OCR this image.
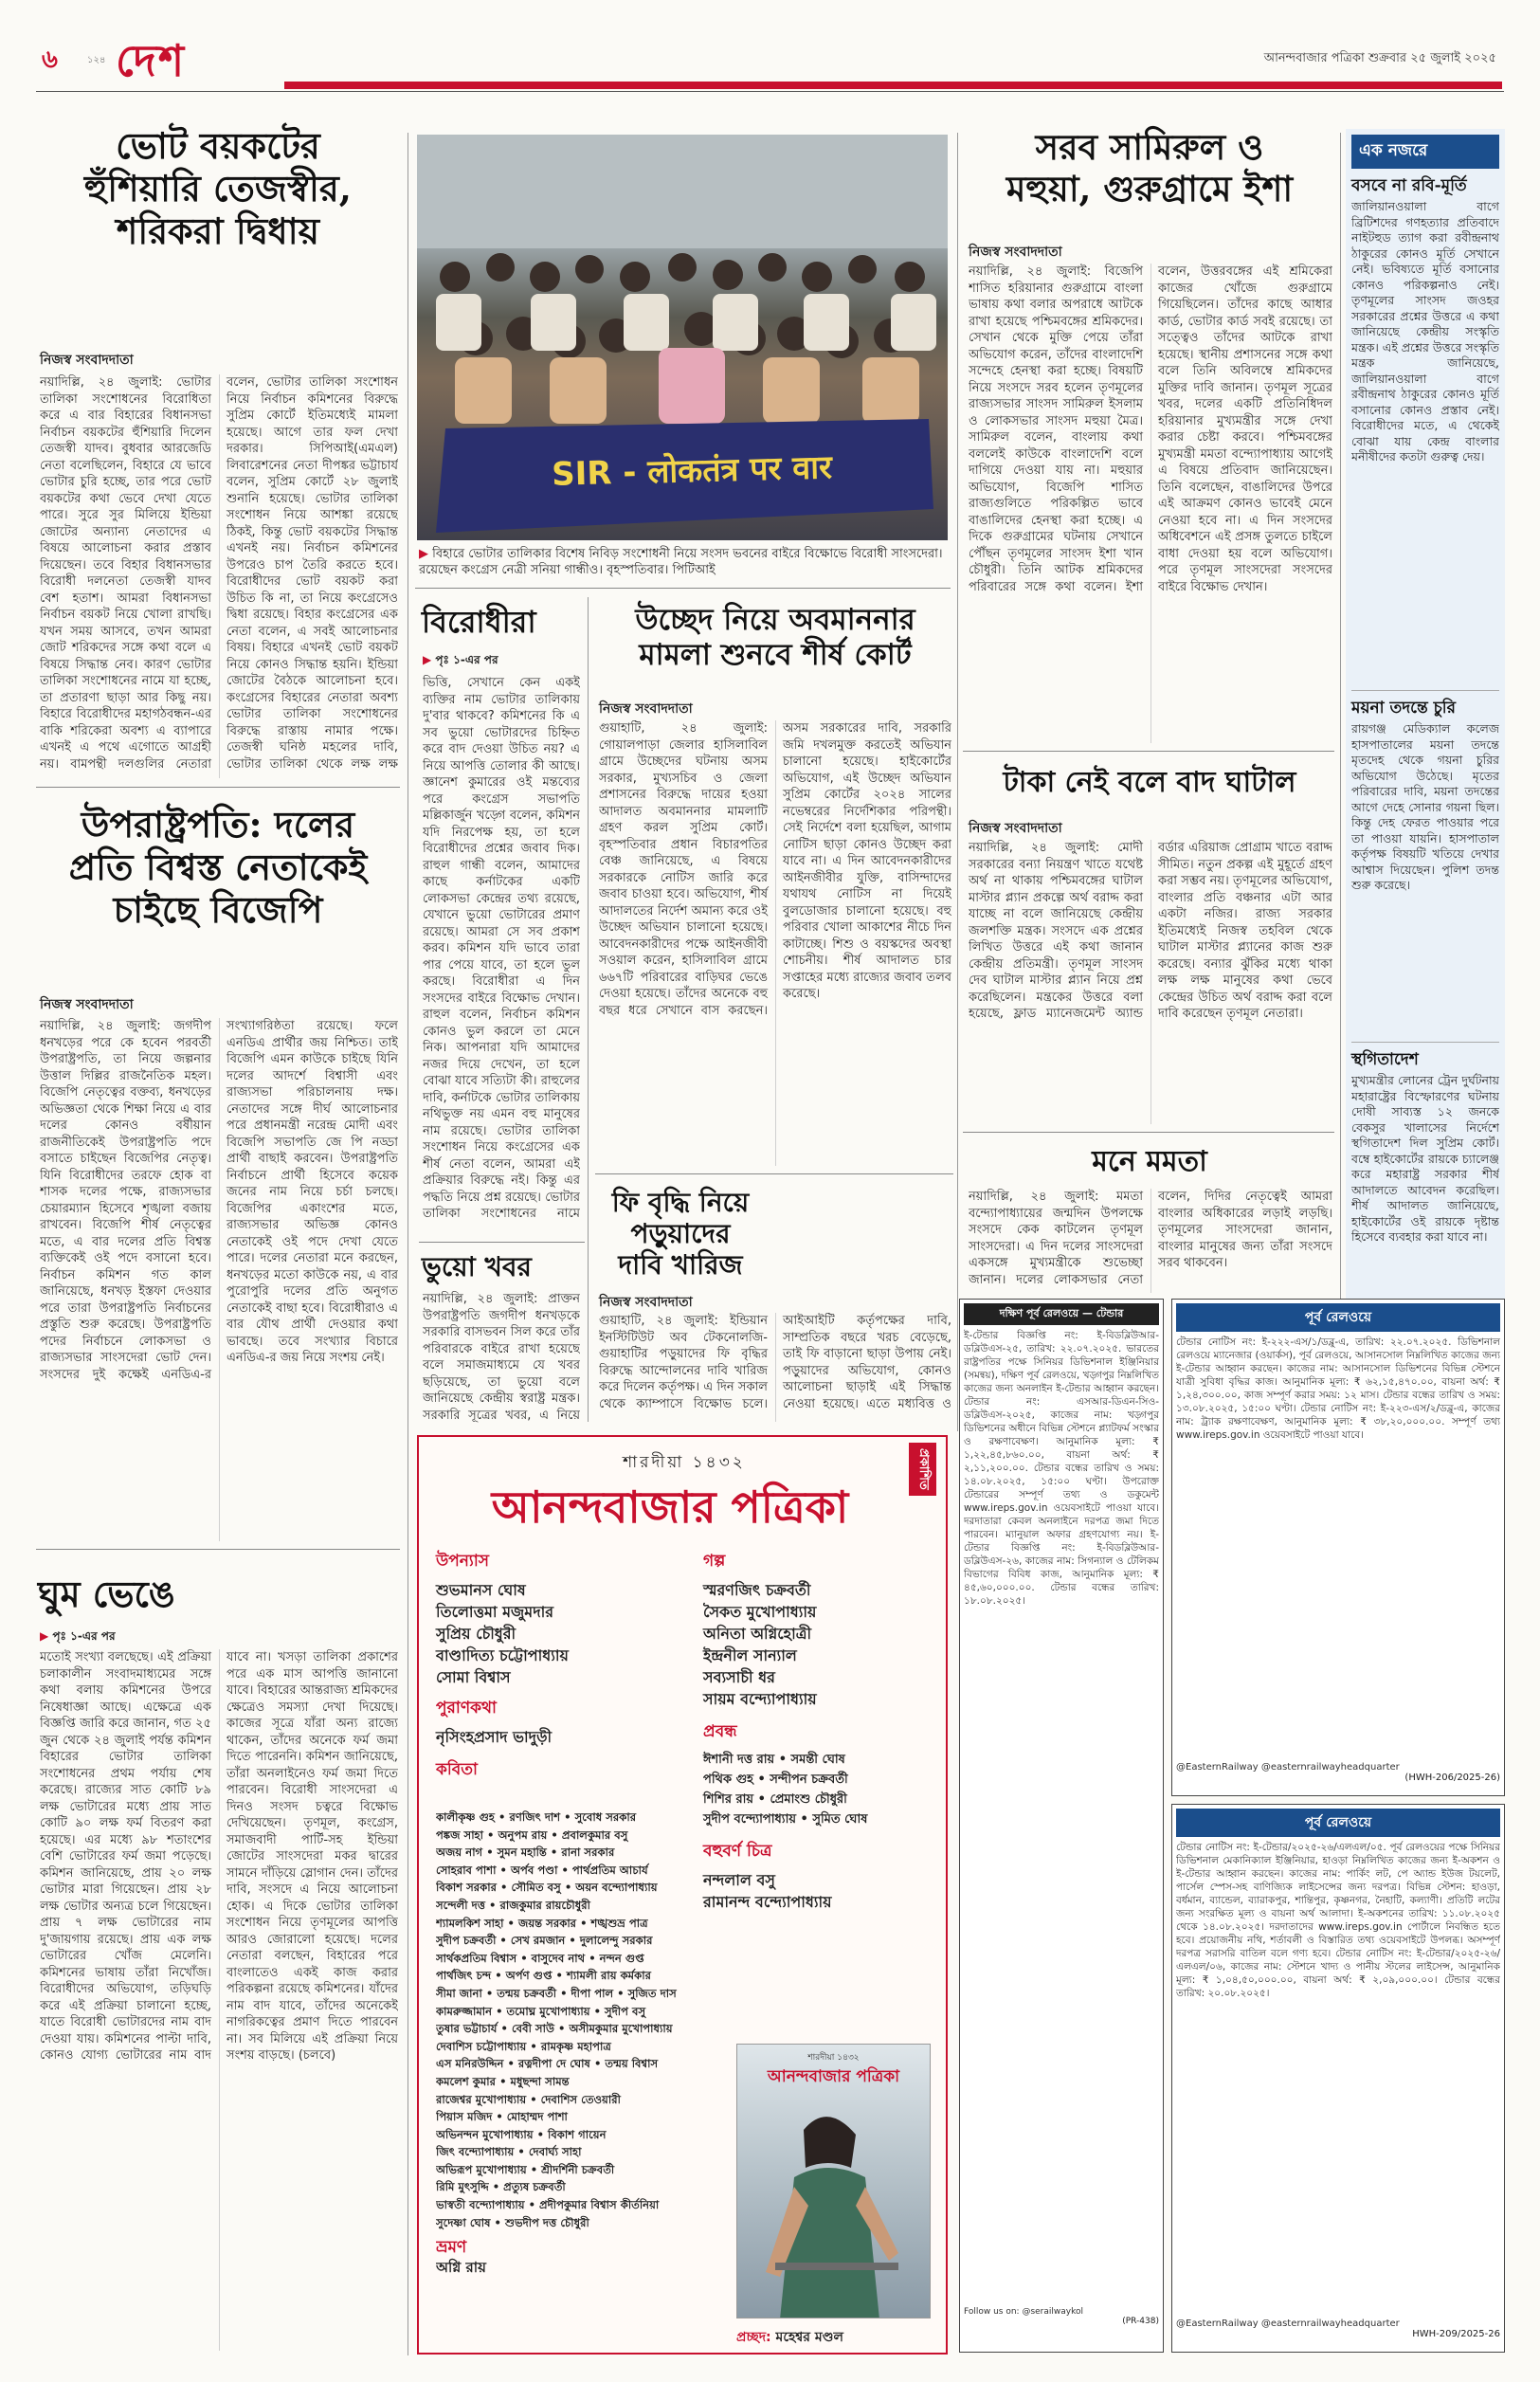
৬	১২৪ দেশ	আনন্দবাজার পত্রিকা শুক্রবার ২৫ জুলাই ২০২৫
ভোট বয়কটের
হুঁশিয়ারি তেজস্বীর,
শরিকরা দ্বিধায়
নিজস্ব সংবাদদাতা
নয়াদিল্লি, ২৪ জুলাই: ভোটার তালিকা সংশোধনের বিরোধিতা করে এ বার বিহারের বিধানসভা নির্বাচন বয়কটের হুঁশিয়ারি দিলেন তেজস্বী যাদব। বুধবার আরজেডি নেতা বলেছিলেন, বিহারে যে ভাবে ভোটার চুরি হচ্ছে, তার পরে ভোট বয়কটের কথা ভেবে দেখা যেতে পারে। সুরে সুর মিলিয়ে ইন্ডিয়া জোটের অন্যান্য নেতাদের এ বিষয়ে আলোচনা করার প্রস্তাব দিয়েছেন। তবে বিহার বিধানসভার বিরোধী দলনেতা তেজস্বী যাদব বেশ হতাশ। আমরা বিধানসভা নির্বাচন বয়কট নিয়ে খোলা রাখছি। যখন সময় আসবে, তখন আমরা জোট শরিকদের সঙ্গে কথা বলে এ বিষয়ে সিদ্ধান্ত নেব। কারণ ভোটার তালিকা সংশোধনের নামে যা হচ্ছে, তা প্রতারণা ছাড়া আর কিছু নয়। বিহারে বিরোধীদের মহাগঠবন্ধন-এর বাকি শরিকেরা অবশ্য এ ব্যাপারে এখনই এ পথে এগোতে আগ্রহী নয়। বামপন্থী দলগুলির নেতারা বলেন, ভোটার তালিকা সংশোধন নিয়ে নির্বাচন কমিশনের বিরুদ্ধে সুপ্রিম কোর্টে ইতিমধ্যেই মামলা হয়েছে। আগে তার ফল দেখা দরকার। সিপিআই(এমএল) লিবারেশনের নেতা দীপঙ্কর ভট্টাচার্য বলেন, সুপ্রিম কোর্টে ২৮ জুলাই শুনানি হয়েছে। ভোটার তালিকা সংশোধন নিয়ে আশঙ্কা রয়েছে ঠিকই, কিন্তু ভোট বয়কটের সিদ্ধান্ত এখনই নয়। নির্বাচন কমিশনের উপরেও চাপ তৈরি করতে হবে। বিরোধীদের ভোট বয়কট করা উচিত কি না, তা নিয়ে কংগ্রেসেও দ্বিধা রয়েছে। বিহার কংগ্রেসের এক নেতা বলেন, এ সবই আলোচনার বিষয়। বিহারে এখনই ভোট বয়কট নিয়ে কোনও সিদ্ধান্ত হয়নি। ইন্ডিয়া জোটের বৈঠকে আলোচনা হবে। কংগ্রেসের বিহারের নেতারা অবশ্য ভোটার তালিকা সংশোধনের বিরুদ্ধে রাস্তায় নামার পক্ষে। তেজস্বী ঘনিষ্ঠ মহলের দাবি, ভোটার তালিকা থেকে লক্ষ লক্ষ
উপরাষ্ট্রপতি: দলের
প্রতি বিশ্বস্ত নেতাকেই
চাইছে বিজেপি
নিজস্ব সংবাদদাতা
নয়াদিল্লি, ২৪ জুলাই: জগদীপ ধনখড়ের পরে কে হবেন পরবর্তী উপরাষ্ট্রপতি, তা নিয়ে জল্পনার উত্তাল দিল্লির রাজনৈতিক মহল। বিজেপি নেতৃত্বের বক্তব্য, ধনখড়ের অভিজ্ঞতা থেকে শিক্ষা নিয়ে এ বার দলের কোনও বর্ষীয়ান রাজনীতিকেই উপরাষ্ট্রপতি পদে বসাতে চাইছেন বিজেপির নেতৃত্ব। যিনি বিরোধীদের তরফে হোক বা শাসক দলের পক্ষে, রাজ্যসভার চেয়ারম্যান হিসেবে শৃঙ্খলা বজায় রাখবেন। বিজেপি শীর্ষ নেতৃত্বের মতে, এ বার দলের প্রতি বিশ্বস্ত ব্যক্তিকেই ওই পদে বসানো হবে। নির্বাচন কমিশন গত কাল জানিয়েছে, ধনখড় ইস্তফা দেওয়ার পরে তারা উপরাষ্ট্রপতি নির্বাচনের প্রস্তুতি শুরু করেছে। উপরাষ্ট্রপতি পদের নির্বাচনে লোকসভা ও রাজ্যসভার সাংসদেরা ভোট দেন। সংসদের দুই কক্ষেই এনডিএ-র সংখ্যাগরিষ্ঠতা রয়েছে। ফলে এনডিএ প্রার্থীর জয় নিশ্চিত। তাই বিজেপি এমন কাউকে চাইছে যিনি দলের আদর্শে বিশ্বাসী এবং রাজ্যসভা পরিচালনায় দক্ষ। নেতাদের সঙ্গে দীর্ঘ আলোচনার পরে প্রধানমন্ত্রী নরেন্দ্র মোদী এবং বিজেপি সভাপতি জে পি নড্ডা প্রার্থী বাছাই করবেন। উপরাষ্ট্রপতি নির্বাচনে প্রার্থী হিসেবে কয়েক জনের নাম নিয়ে চর্চা চলছে। বিজেপির একাংশের মতে, রাজ্যসভার অভিজ্ঞ কোনও নেতাকেই ওই পদে দেখা যেতে পারে। দলের নেতারা মনে করছেন, ধনখড়ের মতো কাউকে নয়, এ বার পুরোপুরি দলের প্রতি অনুগত নেতাকেই বাছা হবে। বিরোধীরাও এ বার যৌথ প্রার্থী দেওয়ার কথা ভাবছে। তবে সংখ্যার বিচারে এনডিএ-র জয় নিয়ে সংশয় নেই।
ঘুম ভেঙে
▶ পৃঃ ১-এর পর
মতোই সংখ্যা বলছেছে। এই প্রক্রিয়া চলাকালীন সংবাদমাধ্যমের সঙ্গে কথা বলায় কমিশনের উপরে নিষেধাজ্ঞা আছে। এক্ষেত্রে এক বিজ্ঞপ্তি জারি করে জানান, গত ২৫ জুন থেকে ২৪ জুলাই পর্যন্ত কমিশন বিহারের ভোটার তালিকা সংশোধনের প্রথম পর্যায় শেষ করেছে। রাজ্যের সাত কোটি ৮৯ লক্ষ ভোটারের মধ্যে প্রায় সাত কোটি ৯০ লক্ষ ফর্ম বিতরণ করা হয়েছে। এর মধ্যে ৯৮ শতাংশের বেশি ভোটারের ফর্ম জমা পড়েছে। কমিশন জানিয়েছে, প্রায় ২০ লক্ষ ভোটার মারা গিয়েছেন। প্রায় ২৮ লক্ষ ভোটার অন্যত্র চলে গিয়েছেন। প্রায় ৭ লক্ষ ভোটারের নাম দু'জায়গায় রয়েছে। প্রায় এক লক্ষ ভোটারের খোঁজ মেলেনি। কমিশনের ভাষায় তাঁরা নিখোঁজ। বিরোধীদের অভিযোগ, তড়িঘড়ি করে এই প্রক্রিয়া চালানো হচ্ছে, যাতে বিরোধী ভোটারদের নাম বাদ দেওয়া যায়। কমিশনের পাল্টা দাবি, কোনও যোগ্য ভোটারের নাম বাদ যাবে না। খসড়া তালিকা প্রকাশের পরে এক মাস আপত্তি জানানো যাবে। বিহারের আন্তরাজ্য শ্রমিকদের ক্ষেত্রেও সমস্যা দেখা দিয়েছে। কাজের সূত্রে যাঁরা অন্য রাজ্যে থাকেন, তাঁদের অনেকে ফর্ম জমা দিতে পারেননি। কমিশন জানিয়েছে, তাঁরা অনলাইনেও ফর্ম জমা দিতে পারবেন। বিরোধী সাংসদেরা এ দিনও সংসদ চত্বরে বিক্ষোভ দেখিয়েছেন। তৃণমূল, কংগ্রেস, সমাজবাদী পার্টি-সহ ইন্ডিয়া জোটের সাংসদেরা মকর দ্বারের সামনে দাঁড়িয়ে স্লোগান দেন। তাঁদের দাবি, সংসদে এ নিয়ে আলোচনা হোক। এ দিকে ভোটার তালিকা সংশোধন নিয়ে তৃণমূলের আপত্তি আরও জোরালো হয়েছে। দলের নেতারা বলছেন, বিহারের পরে বাংলাতেও একই কাজ করার পরিকল্পনা রয়েছে কমিশনের। যাঁদের নাম বাদ যাবে, তাঁদের অনেকেই নাগরিকত্বের প্রমাণ দিতে পারবেন না। সব মিলিয়ে এই প্রক্রিয়া নিয়ে সংশয় বাড়ছে। (চলবে)
SIR - लोकतंत्र पर वार
▶ বিহারে ভোটার তালিকার বিশেষ নিবিড় সংশোধনী নিয়ে সংসদ ভবনের বাইরে বিক্ষোভে বিরোধী সাংসদেরা। রয়েছেন কংগ্রেস নেত্রী সনিয়া গান্ধীও। বৃহস্পতিবার। পিটিআই
বিরোধীরা
▶ পৃঃ ১-এর পর
ভিত্তি, সেখানে কেন একই ব্যক্তির নাম ভোটার তালিকায় দু'বার থাকবে? কমিশনের কি এ সব ভুয়ো ভোটারদের চিহ্নিত করে বাদ দেওয়া উচিত নয়? এ নিয়ে আপত্তি তোলার কী আছে। জ্ঞানেশ কুমারের ওই মন্তব্যের পরে কংগ্রেস সভাপতি মল্লিকার্জুন খড়্গে বলেন, কমিশন যদি নিরপেক্ষ হয়, তা হলে বিরোধীদের প্রশ্নের জবাব দিক। রাহুল গান্ধী বলেন, আমাদের কাছে কর্নাটকের একটি লোকসভা কেন্দ্রের তথ্য রয়েছে, যেখানে ভুয়ো ভোটারের প্রমাণ রয়েছে। আমরা সে সব প্রকাশ করব। কমিশন যদি ভাবে তারা পার পেয়ে যাবে, তা হলে ভুল করছে। বিরোধীরা এ দিন সংসদের বাইরে বিক্ষোভ দেখান। রাহুল বলেন, নির্বাচন কমিশন কোনও ভুল করলে তা মেনে নিক। আপনারা যদি আমাদের নজর দিয়ে দেখেন, তা হলে বোঝা যাবে সত্যিটা কী। রাহুলের দাবি, কর্নাটকে ভোটার তালিকায় নথিভুক্ত নয় এমন বহু মানুষের নাম রয়েছে। ভোটার তালিকা সংশোধন নিয়ে কংগ্রেসের এক শীর্ষ নেতা বলেন, আমরা এই প্রক্রিয়ার বিরুদ্ধে নই। কিন্তু এর পদ্ধতি নিয়ে প্রশ্ন রয়েছে। ভোটার তালিকা সংশোধনের নামে
ভুয়ো খবর
নয়াদিল্লি, ২৪ জুলাই: প্রাক্তন উপরাষ্ট্রপতি জগদীপ ধনখড়কে সরকারি বাসভবন সিল করে তাঁর পরিবারকে বাইরে রাখা হয়েছে বলে সমাজমাধ্যমে যে খবর ছড়িয়েছে, তা ভুয়ো বলে জানিয়েছে কেন্দ্রীয় স্বরাষ্ট্র মন্ত্রক। সরকারি সূত্রের খবর, এ নিয়ে
উচ্ছেদ নিয়ে অবমাননার
মামলা শুনবে শীর্ষ কোর্ট
নিজস্ব সংবাদদাতা
গুয়াহাটি, ২৪ জুলাই: গোয়ালপাড়া জেলার হাসিলাবিল গ্রামে উচ্ছেদের ঘটনায় অসম সরকার, মুখ্যসচিব ও জেলা প্রশাসনের বিরুদ্ধে দায়ের হওয়া আদালত অবমাননার মামলাটি গ্রহণ করল সুপ্রিম কোর্ট। বৃহস্পতিবার প্রধান বিচারপতির বেঞ্চ জানিয়েছে, এ বিষয়ে সরকারকে নোটিস জারি করে জবাব চাওয়া হবে। অভিযোগ, শীর্ষ আদালতের নির্দেশ অমান্য করে ওই উচ্ছেদ অভিযান চালানো হয়েছে। আবেদনকারীদের পক্ষে আইনজীবী সওয়াল করেন, হাসিলাবিল গ্রামে ৬৬৭টি পরিবারের বাড়িঘর ভেঙে দেওয়া হয়েছে। তাঁদের অনেকে বহু বছর ধরে সেখানে বাস করছেন। অসম সরকারের দাবি, সরকারি জমি দখলমুক্ত করতেই অভিযান চালানো হয়েছে। হাইকোর্টের অভিযোগ, এই উচ্ছেদ অভিযান সুপ্রিম কোর্টের ২০২৪ সালের নভেম্বরের নির্দেশিকার পরিপন্থী। সেই নির্দেশে বলা হয়েছিল, আগাম নোটিস ছাড়া কোনও উচ্ছেদ করা যাবে না। এ দিন আবেদনকারীদের আইনজীবীর যুক্তি, বাসিন্দাদের যথাযথ নোটিস না দিয়েই বুলডোজার চালানো হয়েছে। বহু পরিবার খোলা আকাশের নীচে দিন কাটাচ্ছে। শিশু ও বয়স্কদের অবস্থা শোচনীয়। শীর্ষ আদালত চার সপ্তাহের মধ্যে রাজ্যের জবাব তলব করেছে।
ফি বৃদ্ধি নিয়ে
পড়ুয়াদের
দাবি খারিজ
নিজস্ব সংবাদদাতা
গুয়াহাটি, ২৪ জুলাই: ইন্ডিয়ান ইনস্টিটিউট অব টেকনোলজি-গুয়াহাটির পড়ুয়াদের ফি বৃদ্ধির বিরুদ্ধে আন্দোলনের দাবি খারিজ করে দিলেন কর্তৃপক্ষ। এ দিন সকাল থেকে ক্যাম্পাসে বিক্ষোভ চলে। আইআইটি কর্তৃপক্ষের দাবি, সাম্প্রতিক বছরে খরচ বেড়েছে, তাই ফি বাড়ানো ছাড়া উপায় নেই। পড়ুয়াদের অভিযোগ, কোনও আলোচনা ছাড়াই এই সিদ্ধান্ত নেওয়া হয়েছে। এতে মধ্যবিত্ত ও
সরব সামিরুল ও
মহুয়া, গুরুগ্রামে ইশা
নিজস্ব সংবাদদাতা
নয়াদিল্লি, ২৪ জুলাই: বিজেপি শাসিত হরিয়ানার গুরুগ্রামে বাংলা ভাষায় কথা বলার অপরাধে আটকে রাখা হয়েছে পশ্চিমবঙ্গের শ্রমিকদের। সেখান থেকে মুক্তি পেয়ে তাঁরা অভিযোগ করেন, তাঁদের বাংলাদেশি সন্দেহে হেনস্থা করা হচ্ছে। বিষয়টি নিয়ে সংসদে সরব হলেন তৃণমূলের রাজ্যসভার সাংসদ সামিরুল ইসলাম ও লোকসভার সাংসদ মহুয়া মৈত্র। সামিরুল বলেন, বাংলায় কথা বললেই কাউকে বাংলাদেশি বলে দাগিয়ে দেওয়া যায় না। মহুয়ার অভিযোগ, বিজেপি শাসিত রাজ্যগুলিতে পরিকল্পিত ভাবে বাঙালিদের হেনস্থা করা হচ্ছে। এ দিকে গুরুগ্রামের ঘটনায় সেখানে পৌঁছন তৃণমূলের সাংসদ ইশা খান চৌধুরী। তিনি আটক শ্রমিকদের পরিবারের সঙ্গে কথা বলেন। ইশা বলেন, উত্তরবঙ্গের এই শ্রমিকেরা কাজের খোঁজে গুরুগ্রামে গিয়েছিলেন। তাঁদের কাছে আধার কার্ড, ভোটার কার্ড সবই রয়েছে। তা সত্ত্বেও তাঁদের আটকে রাখা হয়েছে। স্থানীয় প্রশাসনের সঙ্গে কথা বলে তিনি অবিলম্বে শ্রমিকদের মুক্তির দাবি জানান। তৃণমূল সূত্রের খবর, দলের একটি প্রতিনিধিদল হরিয়ানার মুখ্যমন্ত্রীর সঙ্গে দেখা করার চেষ্টা করবে। পশ্চিমবঙ্গের মুখ্যমন্ত্রী মমতা বন্দ্যোপাধ্যায় আগেই এ বিষয়ে প্রতিবাদ জানিয়েছেন। তিনি বলেছেন, বাঙালিদের উপরে এই আক্রমণ কোনও ভাবেই মেনে নেওয়া হবে না। এ দিন সংসদের অধিবেশনে এই প্রসঙ্গ তুলতে চাইলে বাধা দেওয়া হয় বলে অভিযোগ। পরে তৃণমূল সাংসদেরা সংসদের বাইরে বিক্ষোভ দেখান।
টাকা নেই বলে বাদ ঘাটাল
নিজস্ব সংবাদদাতা
নয়াদিল্লি, ২৪ জুলাই: মোদী সরকারের বন্যা নিয়ন্ত্রণ খাতে যথেষ্ট অর্থ না থাকায় পশ্চিমবঙ্গের ঘাটাল মাস্টার প্ল্যান প্রকল্পে অর্থ বরাদ্দ করা যাচ্ছে না বলে জানিয়েছে কেন্দ্রীয় জলশক্তি মন্ত্রক। সংসদে এক প্রশ্নের লিখিত উত্তরে এই কথা জানান কেন্দ্রীয় প্রতিমন্ত্রী। তৃণমূল সাংসদ দেব ঘাটাল মাস্টার প্ল্যান নিয়ে প্রশ্ন করেছিলেন। মন্ত্রকের উত্তরে বলা হয়েছে, ফ্লাড ম্যানেজমেন্ট অ্যান্ড বর্ডার এরিয়াজ প্রোগ্রাম খাতে বরাদ্দ সীমিত। নতুন প্রকল্প এই মুহূর্তে গ্রহণ করা সম্ভব নয়। তৃণমূলের অভিযোগ, বাংলার প্রতি বঞ্চনার এটা আর একটা নজির। রাজ্য সরকার ইতিমধ্যেই নিজস্ব তহবিল থেকে ঘাটাল মাস্টার প্ল্যানের কাজ শুরু করেছে। বন্যার ঝুঁকির মধ্যে থাকা লক্ষ লক্ষ মানুষের কথা ভেবে কেন্দ্রের উচিত অর্থ বরাদ্দ করা বলে দাবি করেছেন তৃণমূল নেতারা।
মনে মমতা
নয়াদিল্লি, ২৪ জুলাই: মমতা বন্দ্যোপাধ্যায়ের জন্মদিন উপলক্ষে সংসদে কেক কাটলেন তৃণমূল সাংসদেরা। এ দিন দলের সাংসদেরা একসঙ্গে মুখ্যমন্ত্রীকে শুভেচ্ছা জানান। দলের লোকসভার নেতা বলেন, দিদির নেতৃত্বেই আমরা বাংলার অধিকারের লড়াই লড়ছি। তৃণমূলের সাংসদেরা জানান, বাংলার মানুষের জন্য তাঁরা সংসদে সরব থাকবেন।
এক নজরে
বসবে না রবি-মূর্তি
জালিয়ানওয়ালা বাগে ব্রিটিশদের গণহত্যার প্রতিবাদে নাইটহুড ত্যাগ করা রবীন্দ্রনাথ ঠাকুরের কোনও মূর্তি সেখানে নেই। ভবিষ্যতে মূর্তি বসানোর কোনও পরিকল্পনাও নেই। তৃণমূলের সাংসদ জওহর সরকারের প্রশ্নের উত্তরে এ কথা জানিয়েছে কেন্দ্রীয় সংস্কৃতি মন্ত্রক। এই প্রশ্নের উত্তরে সংস্কৃতি মন্ত্রক জানিয়েছে, জালিয়ানওয়ালা বাগে রবীন্দ্রনাথ ঠাকুরের কোনও মূর্তি বসানোর কোনও প্রস্তাব নেই। বিরোধীদের মতে, এ থেকেই বোঝা যায় কেন্দ্র বাংলার মনীষীদের কতটা গুরুত্ব দেয়।
ময়না তদন্তে চুরি
রায়গঞ্জ মেডিক্যাল কলেজ হাসপাতালের ময়না তদন্তে মৃতদেহ থেকে গয়না চুরির অভিযোগ উঠেছে। মৃতের পরিবারের দাবি, ময়না তদন্তের আগে দেহে সোনার গয়না ছিল। কিন্তু দেহ ফেরত পাওয়ার পরে তা পাওয়া যায়নি। হাসপাতাল কর্তৃপক্ষ বিষয়টি খতিয়ে দেখার আশ্বাস দিয়েছেন। পুলিশ তদন্ত শুরু করেছে।
স্থগিতাদেশ
মুখ্যমন্ত্রীর লোনের ট্রেন দুর্ঘটনায় মহারাষ্ট্রের বিস্ফোরণের ঘটনায় দোষী সাব্যস্ত ১২ জনকে বেকসুর খালাসের নির্দেশে স্থগিতাদেশ দিল সুপ্রিম কোর্ট। বম্বে হাইকোর্টের রায়কে চ্যালেঞ্জ করে মহারাষ্ট্র সরকার শীর্ষ আদালতে আবেদন করেছিল। শীর্ষ আদালত জানিয়েছে, হাইকোর্টের ওই রায়কে দৃষ্টান্ত হিসেবে ব্যবহার করা যাবে না।
প্রকাশিত
শারদীয়া ১৪৩২
আনন্দবাজার পত্রিকা
উপন্যাস
শুভমানস ঘোষ
তিলোত্তমা মজুমদার
সুপ্রিয় চৌধুরী
বাণ্ডাদিত্য চট্টোপাধ্যায়
সোমা বিশ্বাস
পুরাণকথা
নৃসিংহপ্রসাদ ভাদুড়ী
কবিতা
কালীকৃষ্ণ গুহ • রণজিৎ দাশ • সুবোধ সরকার
পঙ্কজ সাহা • অনুপম রায় • প্রবালকুমার বসু
অজয় নাগ • সুমন মহান্তি • রানা সরকার
সোহরাব পাশা • অর্পব পণ্ডা • পার্থপ্রতিম আচার্য
বিকাশ সরকার • সৌমিত বসু • অয়ন বন্দ্যোপাধ্যায়
সন্দেলী দত্ত • রাজকুমার রায়চৌধুরী
শ্যামলকিশ সাহা • জয়ন্ত সরকার • শঙ্খশুভ্র পাত্র
সুদীপ চক্রবর্তী • সেখ রমজান • দুলালেন্দু সরকার
সার্থকপ্রতিম বিশ্বাস • বাসুদেব নাথ • নন্দন গুপ্ত
পার্থজিৎ চন্দ • অর্পণ গুপ্ত • শ্যামলী রায় কর্মকার
সীমা জানা • তন্ময় চক্রবর্তী • দীপা পাল • সুজিত দাস
কামরুজ্জামান • তমোঘ্ন মুখোপাধ্যায় • সুদীপ বসু
তুষার ভট্টাচার্য • বেবী সাউ • অসীমকুমার মুখোপাধ্যায়
দেবাশিস চট্টোপাধ্যায় • রামকৃষ্ণ মহাপাত্র
এস মনিরউদ্দিন • রত্নদীপা দে ঘোষ • তন্ময় বিশ্বাস
কমলেশ কুমার • মধুছন্দা সামন্ত
রাজেশ্বর মুখোপাধ্যায় • দেবাশিস তেওয়ারী
পিয়াস মজিদ • মোহাম্মদ পাশা
অভিনন্দন মুখোপাধ্যায় • বিকাশ গায়েন
জিৎ বন্দ্যোপাধ্যায় • দেবার্ঘ্য সাহা
অভিরূপ মুখোপাধ্যায় • শ্রীদর্শিনী চক্রবর্তী
রিমি মুৎসুদ্দি • প্রত্যুষ চক্রবর্তী
ভাস্বতী বন্দ্যোপাধ্যায় • প্রদীপকুমার বিশ্বাস কীর্তনিয়া
সুদেষ্ণা ঘোষ • শুভদীপ দত্ত চৌধুরী
ভ্রমণ
অগ্নি রায়
গল্প
স্মরণজিৎ চক্রবর্তী
সৈকত মুখোপাধ্যায়
অনিতা অগ্নিহোত্রী
ইন্দ্রনীল সান্যাল
সব্যসাচী ধর
সায়ম বন্দ্যোপাধ্যায়
প্রবন্ধ
ঈশানী দত্ত রায় • সমন্তী ঘোষ
পথিক গুহ • সন্দীপন চক্রবর্তী
শিশির রায় • প্রেমাংশু চৌধুরী
সুদীপ বন্দ্যোপাধ্যায় • সুমিত ঘোষ
বহুবর্ণ চিত্র
নন্দলাল বসু
রামানন্দ বন্দ্যোপাধ্যায়
শারদীয়া ১৪৩২
আনন্দবাজার পত্রিকা
প্রচ্ছদ: মহেশ্বর মণ্ডল
দক্ষিণ পূর্ব রেলওয়ে — টেন্ডার
ই-টেন্ডার বিজ্ঞপ্তি নং: ই-বিডব্লিউআর-ডব্লিউএস-২৫, তারিখ: ২২.০৭.২০২৫. ভারতের রাষ্ট্রপতির পক্ষে সিনিয়র ডিভিশনাল ইঞ্জিনিয়ার (সমন্বয়), দক্ষিণ পূর্ব রেলওয়ে, খড়্গপুর নিম্নলিখিত কাজের জন্য অনলাইন ই-টেন্ডার আহ্বান করছেন। টেন্ডার নং: এসআর-ডিএন-সিও-ডব্লিউএস-২০২৫, কাজের নাম: খড়্গপুর ডিভিশনের অধীনে বিভিন্ন স্টেশনে প্ল্যাটফর্ম সংস্কার ও রক্ষণাবেক্ষণ। আনুমানিক মূল্য: ₹ ১,২২,৪৫,৮৬০.০০, বায়না অর্থ: ₹ ২,১১,২০০.০০. টেন্ডার বন্ধের তারিখ ও সময়: ১৪.০৮.২০২৫, ১৫:০০ ঘণ্টা। উপরোক্ত টেন্ডারের সম্পূর্ণ তথ্য ও ডকুমেন্ট www.ireps.gov.in ওয়েবসাইটে পাওয়া যাবে। দরদাতারা কেবল অনলাইনে দরপত্র জমা দিতে পারবেন। ম্যানুয়াল অফার গ্রহণযোগ্য নয়। ই-টেন্ডার বিজ্ঞপ্তি নং: ই-বিডব্লিউআর-ডব্লিউএস-২৬, কাজের নাম: সিগন্যাল ও টেলিকম বিভাগের বিবিধ কাজ, আনুমানিক মূল্য: ₹ ৪৫,৬০,০০০.০০. টেন্ডার বন্ধের তারিখ: ১৮.০৮.২০২৫।
Follow us on: @serailwaykol
(PR-438)
পূর্ব রেলওয়ে
টেন্ডার নোটিস নং: ই-২২২-এস/১/ডব্লু-এ, তারিখ: ২২.০৭.২০২৫. ডিভিশনাল রেলওয়ে ম্যানেজার (ওয়ার্কস), পূর্ব রেলওয়ে, আসানসোল নিম্নলিখিত কাজের জন্য ই-টেন্ডার আহ্বান করছেন। কাজের নাম: আসানসোল ডিভিশনের বিভিন্ন স্টেশনে যাত্রী সুবিধা বৃদ্ধির কাজ। আনুমানিক মূল্য: ₹ ৬২,১৫,৪৭০.০০, বায়না অর্থ: ₹ ১,২৪,৩০০.০০, কাজ সম্পূর্ণ করার সময়: ১২ মাস। টেন্ডার বন্ধের তারিখ ও সময়: ১৩.০৮.২০২৫, ১৫:০০ ঘণ্টা। টেন্ডার নোটিস নং: ই-২২৩-এস/২/ডব্লু-এ, কাজের নাম: ট্র্যাক রক্ষণাবেক্ষণ, আনুমানিক মূল্য: ₹ ৩৮,২০,০০০.০০. সম্পূর্ণ তথ্য www.ireps.gov.in ওয়েবসাইটে পাওয়া যাবে।
@EasternRailway @easternrailwayheadquarter
(HWH-206/2025-26)
পূর্ব রেলওয়ে
টেন্ডার নোটিস নং: ই-টেন্ডার/২০২৫-২৬/এলএল/০৫. পূর্ব রেলওয়ের পক্ষে সিনিয়র ডিভিশনাল মেকানিক্যাল ইঞ্জিনিয়ার, হাওড়া নিম্নলিখিত কাজের জন্য ই-অকশন ও ই-টেন্ডার আহ্বান করছেন। কাজের নাম: পার্কিং লট, পে অ্যান্ড ইউজ টয়লেট, পার্সেল স্পেস-সহ বাণিজ্যিক লাইসেন্সের জন্য দরপত্র। বিভিন্ন স্টেশন: হাওড়া, বর্ধমান, ব্যান্ডেল, ব্যারাকপুর, শান্তিপুর, কৃষ্ণনগর, নৈহাটি, কল্যাণী। প্রতিটি লটের জন্য সংরক্ষিত মূল্য ও বায়না অর্থ আলাদা। ই-অকশনের তারিখ: ১১.০৮.২০২৫ থেকে ১৪.০৮.২০২৫। দরদাতাদের www.ireps.gov.in পোর্টালে নিবন্ধিত হতে হবে। প্রয়োজনীয় নথি, শর্তাবলী ও বিস্তারিত তথ্য ওয়েবসাইটে উপলব্ধ। অসম্পূর্ণ দরপত্র সরাসরি বাতিল বলে গণ্য হবে। টেন্ডার নোটিস নং: ই-টেন্ডার/২০২৫-২৬/এলএল/০৬, কাজের নাম: স্টেশনে খাদ্য ও পানীয় স্টলের লাইসেন্স, আনুমানিক মূল্য: ₹ ১,০৪,৫০,০০০.০০, বায়না অর্থ: ₹ ২,০৯,০০০.০০। টেন্ডার বন্ধের তারিখ: ২০.০৮.২০২৫।
@EasternRailway @easternrailwayheadquarter
HWH-209/2025-26
